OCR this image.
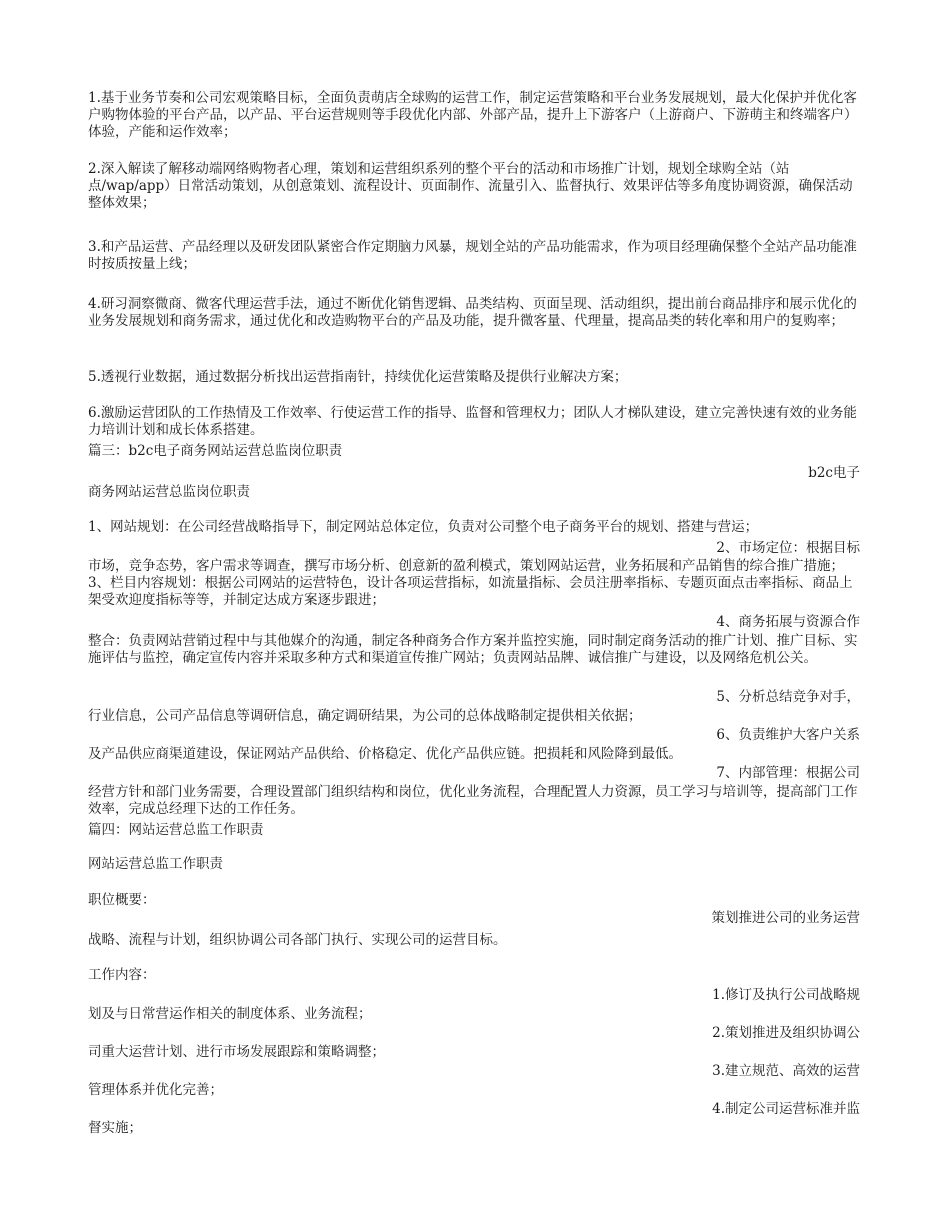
1.基于业务节奏和公司宏观策略目标，全面负责萌店全球购的运营工作，制定运营策略和平台业务发展规划，最大化保护并优化客户购物体验的平台产品，以产品、平台运营规则等手段优化内部、外部产品，提升上下游客户（上游商户、下游萌主和终端客户）体验，产能和运作效率；

2.深入解读了解移动端网络购物者心理，策划和运营组织系列的整个平台的活动和市场推广计划，规划全球购全站（站点/wap/app）日常活动策划，从创意策划、流程设计、页面制作、流量引入、监督执行、效果评估等多角度协调资源，确保活动整体效果；

3.和产品运营、产品经理以及研发团队紧密合作定期脑力风暴，规划全站的产品功能需求，作为项目经理确保整个全站产品功能准时按质按量上线；

4.研习洞察微商、微客代理运营手法，通过不断优化销售逻辑、品类结构、页面呈现、活动组织，提出前台商品排序和展示优化的业务发展规划和商务需求，通过优化和改造购物平台的产品及功能，提升微客量、代理量，提高品类的转化率和用户的复购率；

5.透视行业数据，通过数据分析找出运营指南针，持续优化运营策略及提供行业解决方案；

6.激励运营团队的工作热情及工作效率、行使运营工作的指导、监督和管理权力；团队人才梯队建设，建立完善快速有效的业务能力培训计划和成长体系搭建。

篇三：b2c电子商务网站运营总监岗位职责

b2c电子

商务网站运营总监岗位职责

1、网站规划：在公司经营战略指导下，制定网站总体定位，负责对公司整个电子商务平台的规划、搭建与营运；

2、市场定位：根据目标

市场，竞争态势，客户需求等调查，撰写市场分析、创意新的盈利模式，策划网站运营，业务拓展和产品销售的综合推广措施； 3、栏目内容规划：根据公司网站的运营特色，设计各项运营指标，如流量指标、会员注册率指标、专题页面点击率指标、商品上架受欢迎度指标等等，并制定达成方案逐步跟进；

4、商务拓展与资源合作

整合：负责网站营销过程中与其他媒介的沟通，制定各种商务合作方案并监控实施，同时制定商务活动的推广计划、推广目标、实施评估与监控，确定宣传内容并采取多种方式和渠道宣传推广网站；负责网站品牌、诚信推广与建设，以及网络危机公关。

5、分析总结竞争对手，

行业信息，公司产品信息等调研信息，确定调研结果，为公司的总体战略制定提供相关依据；

6、负责维护大客户关系

及产品供应商渠道建设，保证网站产品供给、价格稳定、优化产品供应链。把损耗和风险降到最低。

7、内部管理：根据公司

经营方针和部门业务需要，合理设置部门组织结构和岗位，优化业务流程，合理配置人力资源，员工学习与培训等，提高部门工作效率，完成总经理下达的工作任务。

篇四：网站运营总监工作职责

网站运营总监工作职责

职位概要：

策划推进公司的业务运营

战略、流程与计划，组织协调公司各部门执行、实现公司的运营目标。

工作内容：

1.修订及执行公司战略规

划及与日常营运作相关的制度体系、业务流程；

2.策划推进及组织协调公

司重大运营计划、进行市场发展跟踪和策略调整；

3.建立规范、高效的运营

管理体系并优化完善；

4.制定公司运营标准并监

督实施；
